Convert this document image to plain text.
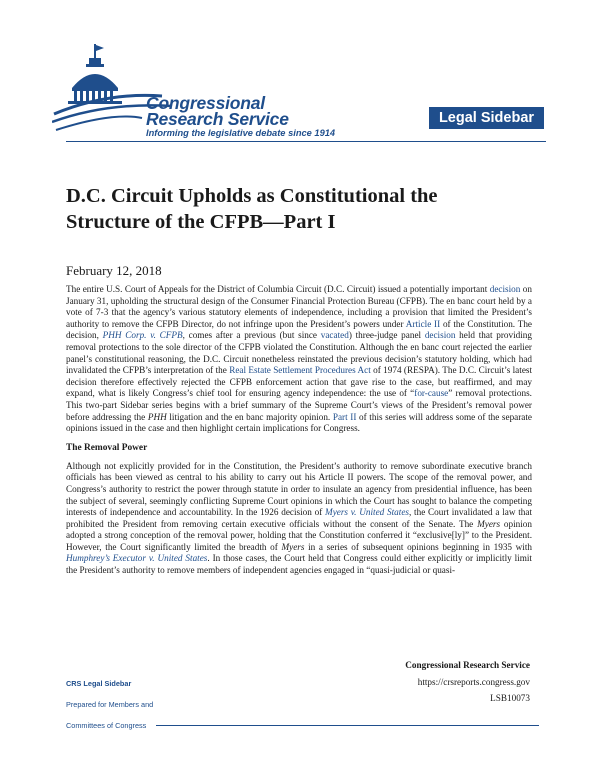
Congressional
Research Service
Informing the legislative debate since 1914
Legal Sidebar
D.C. Circuit Upholds as Constitutional the Structure of the CFPB—Part I
February 12, 2018

The entire U.S. Court of Appeals for the District of Columbia Circuit (D.C. Circuit) issued a potentially important decision on January 31, upholding the structural design of the Consumer Financial Protection Bureau (CFPB). The en banc court held by a vote of 7-3 that the agency’s various statutory elements of independence, including a provision that limited the President’s authority to remove the CFPB Director, do not infringe upon the President’s powers under Article II of the Constitution. The decision, PHH Corp. v. CFPB, comes after a previous (but since vacated) three-judge panel decision held that providing removal protections to the sole director of the CFPB violated the Constitution. Although the en banc court rejected the earlier panel’s constitutional reasoning, the D.C. Circuit nonetheless reinstated the previous decision’s statutory holding, which had invalidated the CFPB’s interpretation of the Real Estate Settlement Procedures Act of 1974 (RESPA). The D.C. Circuit’s latest decision therefore effectively rejected the CFPB enforcement action that gave rise to the case, but reaffirmed, and may expand, what is likely Congress’s chief tool for ensuring agency independence: the use of “for-cause” removal protections. This two-part Sidebar series begins with a brief summary of the Supreme Court’s views of the President’s removal power before addressing the PHH litigation and the en banc majority opinion. Part II of this series will address some of the separate opinions issued in the case and then highlight certain implications for Congress.

The Removal Power

Although not explicitly provided for in the Constitution, the President’s authority to remove subordinate executive branch officials has been viewed as central to his ability to carry out his Article II powers. The scope of the removal power, and Congress’s authority to restrict the power through statute in order to insulate an agency from presidential influence, has been the subject of several, seemingly conflicting Supreme Court opinions in which the Court has sought to balance the competing interests of independence and accountability. In the 1926 decision of Myers v. United States, the Court invalidated a law that prohibited the President from removing certain executive officials without the consent of the Senate. The Myers opinion adopted a strong conception of the removal power, holding that the Constitution conferred it “exclusive[ly]” to the President. However, the Court significantly limited the breadth of Myers in a series of subsequent opinions beginning in 1935 with Humphrey’s Executor v. United States. In those cases, the Court held that Congress could either explicitly or implicitly limit the President’s authority to remove members of independent agencies engaged in “quasi-judicial or quasi-

Congressional Research Service
https://crsreports.congress.gov
LSB10073
CRS Legal Sidebar
Prepared for Members and
Committees of Congress
